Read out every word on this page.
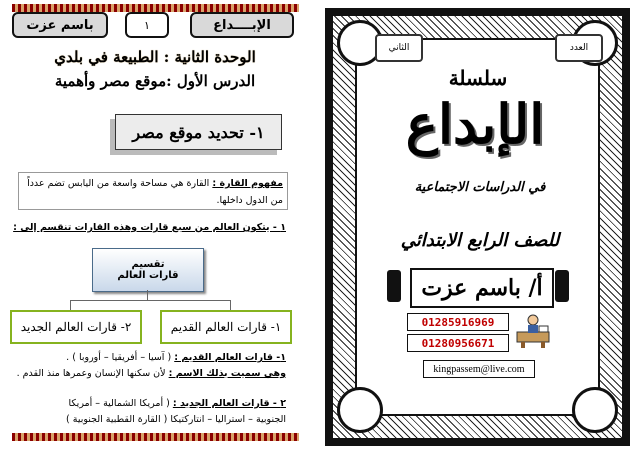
باسم عزت	١	الإبــــداع
الوحدة الثانية : الطبيعة في بلدي
الدرس الأول :موقع مصر وأهمية
١- تحديد موقع مصر
مفهوم القارة : القارة هي مساحة واسعة من اليابس تضم عدداً من الدول داخلها.
١ - يتكون العالم من سبع قارات وهذه القارات تنقسم إلى :
تقسيم
قارات العالم
٢- قارات العالم الجديد	١- قارات العالم القديم
١- قارات العالم القديم : ( آسيا – أفريقيا – أوروبا ) .
وهي سميت بذلك الاسم : لأن سكنها الإنسان وعمرها منذ القدم .
٢ - قارات العالم الجديد : ( أمريكا الشمالية – أمريكا
الجنوبية – استراليا – انتاركتيكا ( القارة القطبية الجنوبية )
الثاني	العدد
سلسلة
الإبداع
في الدراسات الاجتماعية
للصف الرابع الابتدائي
أ/ باسم عزت
01285916969
01280956671
kingpassem@live.com
